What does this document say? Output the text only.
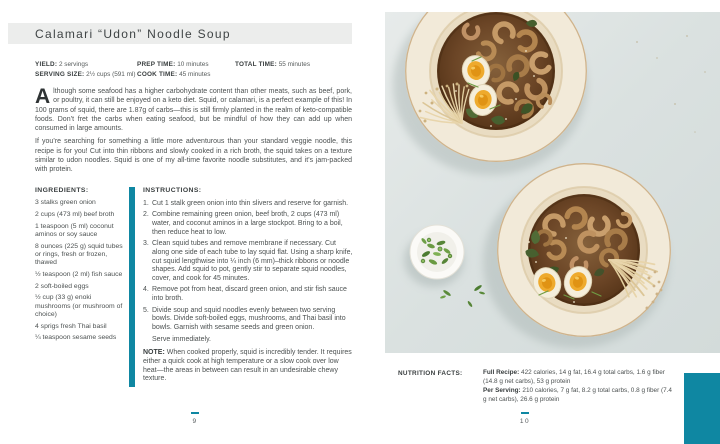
Calamari “Udon” Noodle Soup
YIELD: 2 servings
SERVING SIZE: 2½ cups (591 ml)
PREP TIME: 10 minutes
COOK TIME: 45 minutes
TOTAL TIME: 55 minutes

Although some seafood has a higher carbohydrate content than other meats, such as beef, pork, or poultry, it can still be enjoyed on a keto diet. Squid, or calamari, is a perfect example of this! In 100 grams of squid, there are 1.87g of carbs—this is still firmly planted in the realm of keto-compatible foods. Don’t fret the carbs when eating seafood, but be mindful of how they can add up when consumed in large amounts.

If you’re searching for something a little more adventurous than your standard veggie noodle, this recipe is for you! Cut into thin ribbons and slowly cooked in a rich broth, the squid takes on a texture similar to udon noodles. Squid is one of my all-time favorite noodle substitutes, and it’s jam-packed with protein.

INGREDIENTS:
3 stalks green onion
2 cups (473 ml) beef broth
1 teaspoon (5 ml) coconut aminos or soy sauce
8 ounces (225 g) squid tubes or rings, fresh or frozen, thawed
½ teaspoon (2 ml) fish sauce
2 soft-boiled eggs
½ cup (33 g) enoki mushrooms (or mushroom of choice)
4 sprigs fresh Thai basil
¼ teaspoon sesame seeds
INSTRUCTIONS:
1. Cut 1 stalk green onion into thin slivers and reserve for garnish.
2. Combine remaining green onion, beef broth, 2 cups (473 ml) water, and coconut aminos in a large stockpot. Bring to a boil, then reduce heat to low.
3. Clean squid tubes and remove membrane if necessary. Cut along one side of each tube to lay squid flat. Using a sharp knife, cut squid lengthwise into ¼ inch (6 mm)–thick ribbons or noodle shapes. Add squid to pot, gently stir to separate squid noodles, cover, and cook for 45 minutes.
4. Remove pot from heat, discard green onion, and stir fish sauce into broth.
5. Divide soup and squid noodles evenly between two serving bowls. Divide soft-boiled eggs, mushrooms, and Thai basil into bowls. Garnish with sesame seeds and green onion.
Serve immediately.
NOTE: When cooked properly, squid is incredibly tender. It requires either a quick cook at high temperature or a slow cook over low heat—the areas in between can result in an undesirable chewy texture.
9
NUTRITION FACTS:	Full Recipe: 422 calories, 14 g fat, 16.4 g total carbs, 1.6 g fiber (14.8 g net carbs), 53 g protein
Per Serving: 210 calories, 7 g fat, 8.2 g total carbs, 0.8 g fiber (7.4 g net carbs), 26.6 g protein
10
